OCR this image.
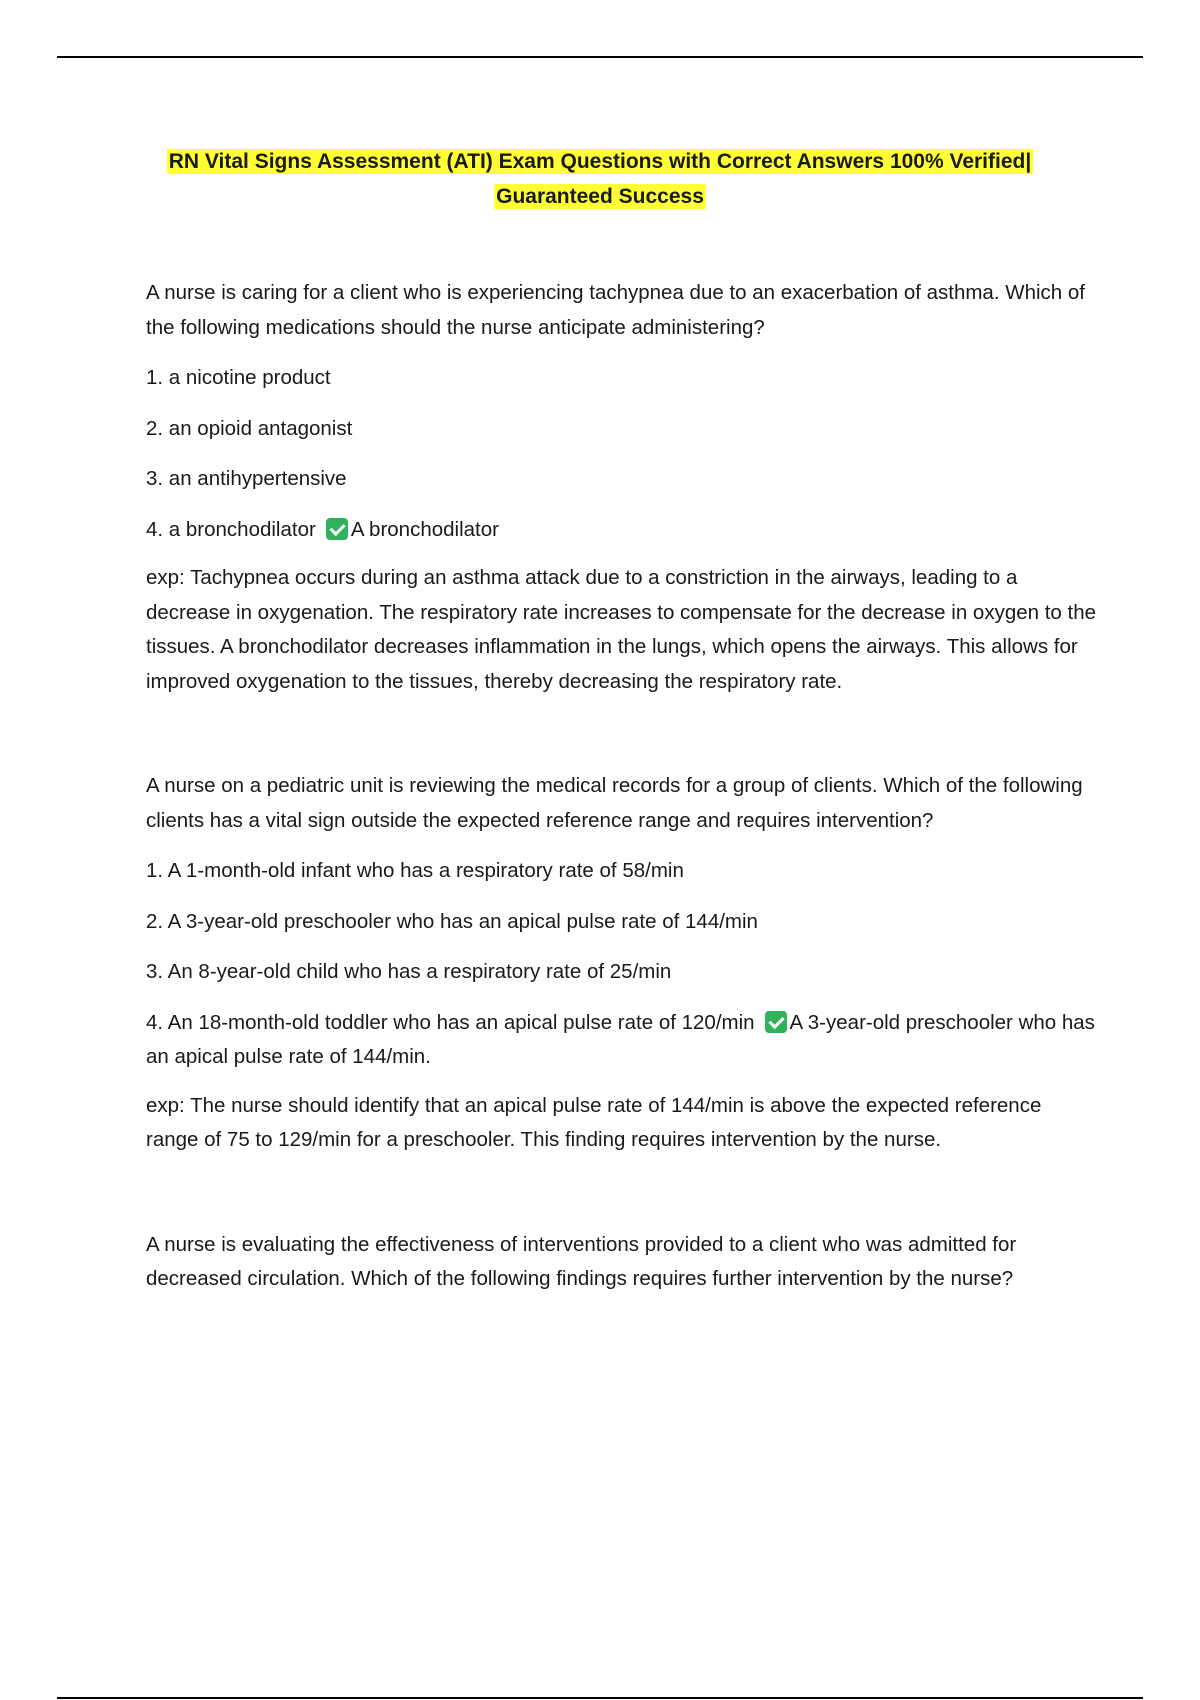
RN Vital Signs Assessment (ATI) Exam Questions with Correct Answers 100% Verified|
Guaranteed Success

A nurse is caring for a client who is experiencing tachypnea due to an exacerbation of asthma. Which of the following medications should the nurse anticipate administering?

1. a nicotine product

2. an opioid antagonist

3. an antihypertensive

4. a bronchodilator A bronchodilator

exp: Tachypnea occurs during an asthma attack due to a constriction in the airways, leading to a decrease in oxygenation. The respiratory rate increases to compensate for the decrease in oxygen to the tissues. A bronchodilator decreases inflammation in the lungs, which opens the airways. This allows for improved oxygenation to the tissues, thereby decreasing the respiratory rate.

A nurse on a pediatric unit is reviewing the medical records for a group of clients. Which of the following clients has a vital sign outside the expected reference range and requires intervention?

1. A 1-month-old infant who has a respiratory rate of 58/min

2. A 3-year-old preschooler who has an apical pulse rate of 144/min

3. An 8-year-old child who has a respiratory rate of 25/min

4. An 18-month-old toddler who has an apical pulse rate of 120/min A 3-year-old preschooler who has an apical pulse rate of 144/min.

exp: The nurse should identify that an apical pulse rate of 144/min is above the expected reference range of 75 to 129/min for a preschooler. This finding requires intervention by the nurse.

A nurse is evaluating the effectiveness of interventions provided to a client who was admitted for decreased circulation. Which of the following findings requires further intervention by the nurse?
